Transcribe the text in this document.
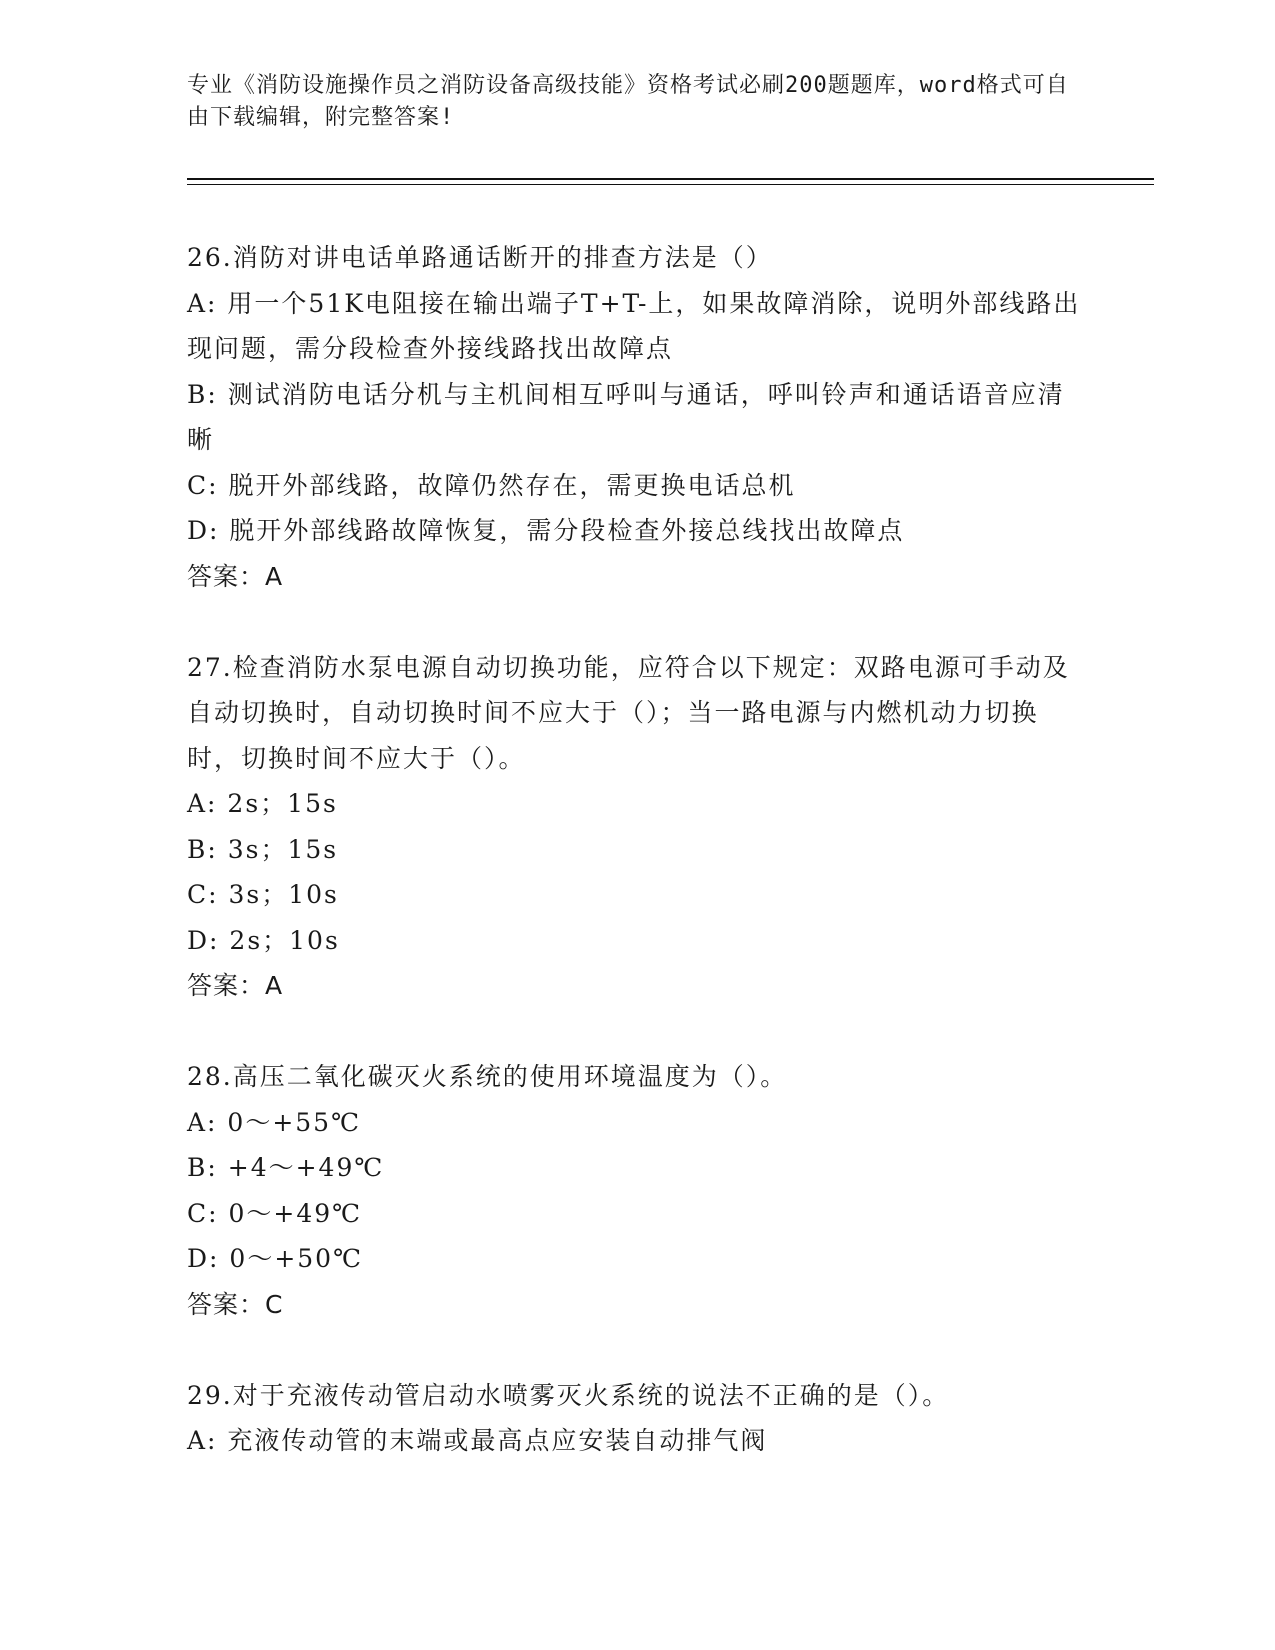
专业《消防设施操作员之消防设备高级技能》资格考试必刷200题题库，word格式可自由下载编辑，附完整答案!
26.消防对讲电话单路通话断开的排查方法是（）
A: 用一个51K电阻接在输出端子T+T-上，如果故障消除，说明外部线路出现问题，需分段检查外接线路找出故障点
B: 测试消防电话分机与主机间相互呼叫与通话，呼叫铃声和通话语音应清晰
C: 脱开外部线路，故障仍然存在，需更换电话总机
D: 脱开外部线路故障恢复，需分段检查外接总线找出故障点
答案：A
27.检查消防水泵电源自动切换功能，应符合以下规定：双路电源可手动及自动切换时，自动切换时间不应大于（）；当一路电源与内燃机动力切换时，切换时间不应大于（）。
A: 2s；15s
B: 3s；15s
C: 3s；10s
D: 2s；10s
答案：A
28.高压二氧化碳灭火系统的使用环境温度为（）。
A: 0～+55℃
B: +4～+49℃
C: 0～+49℃
D: 0～+50℃
答案：C
29.对于充液传动管启动水喷雾灭火系统的说法不正确的是（）。
A: 充液传动管的末端或最高点应安装自动排气阀
